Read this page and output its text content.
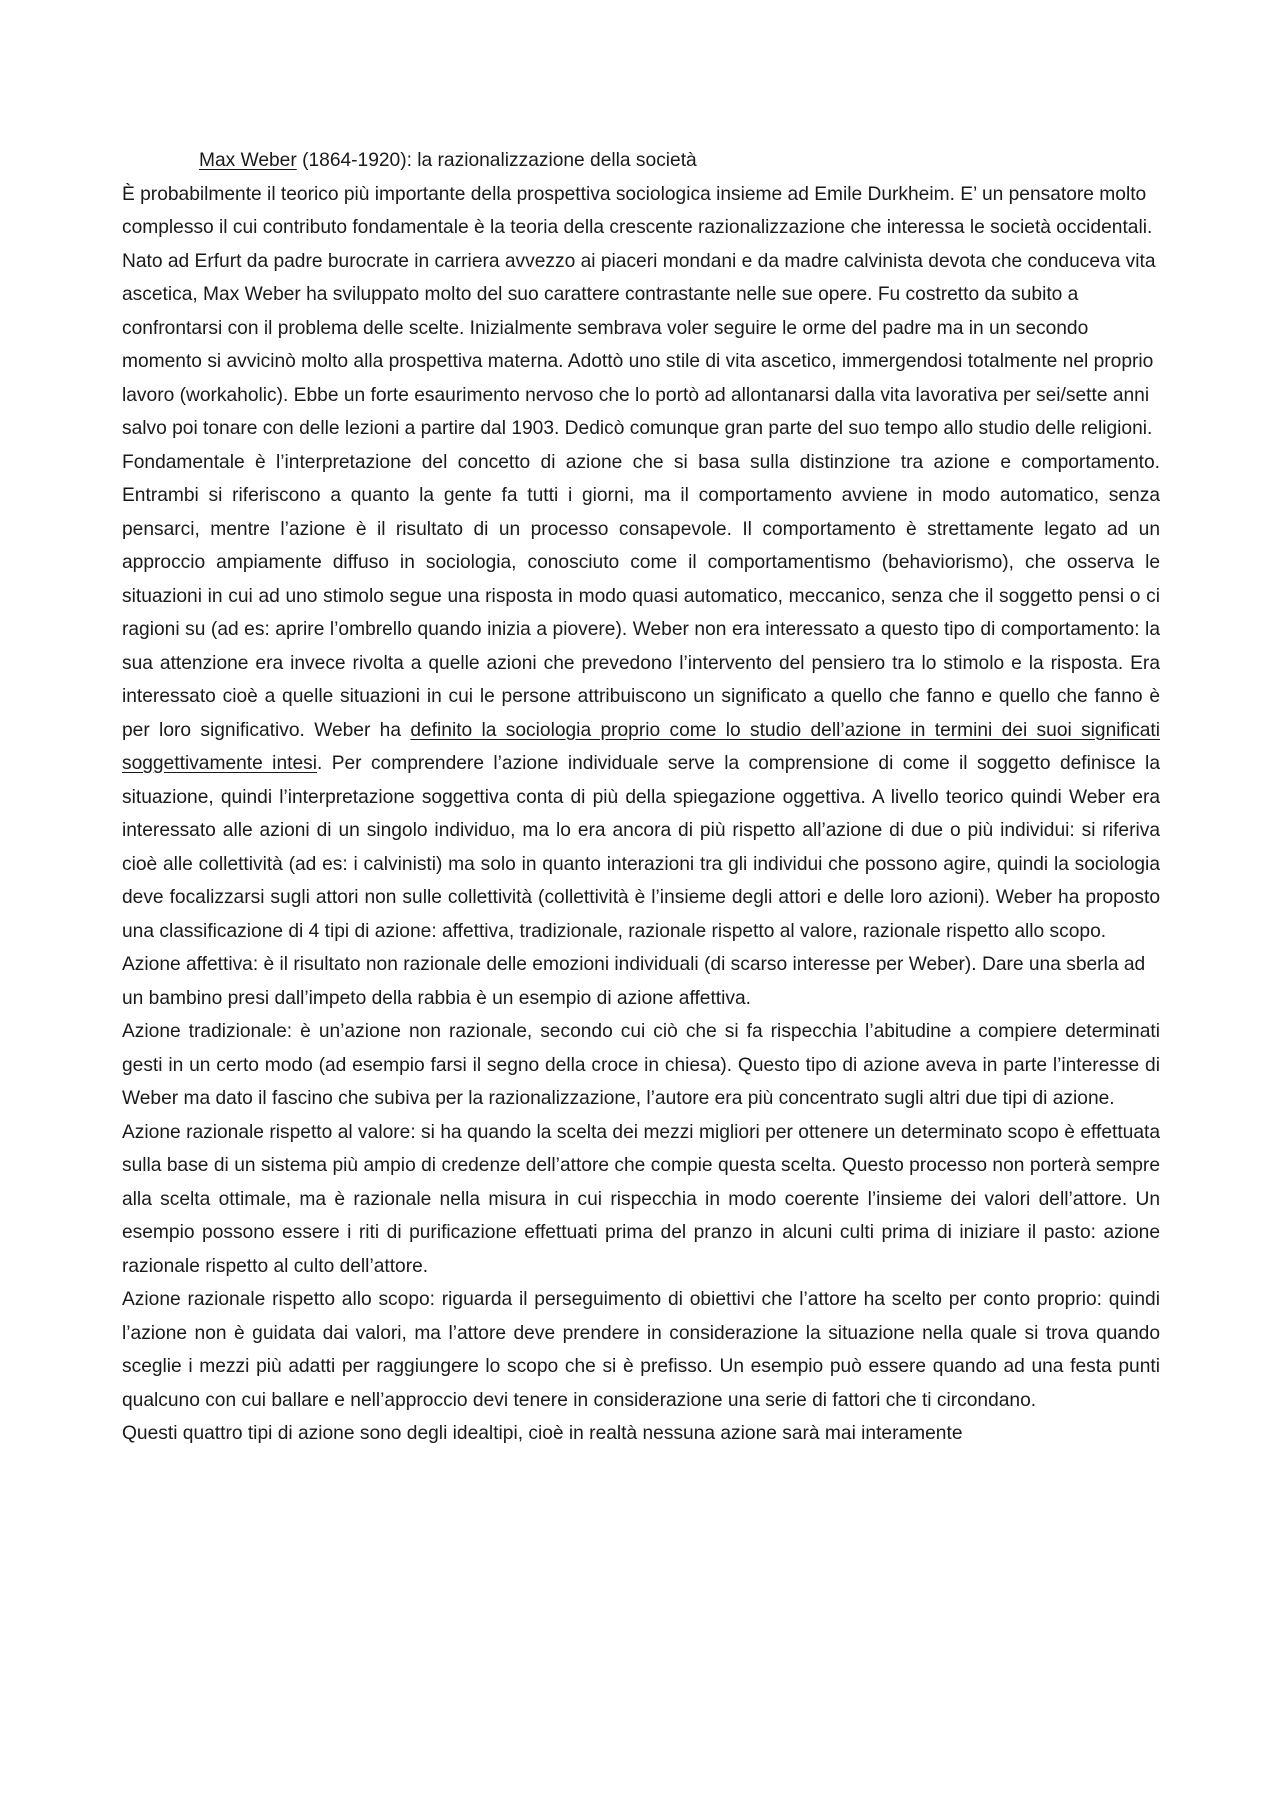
Max Weber (1864-1920): la razionalizzazione della società

È probabilmente il teorico più importante della prospettiva sociologica insieme ad Emile Durkheim. E’ un pensatore molto complesso il cui contributo fondamentale è la teoria della crescente razionalizzazione che interessa le società occidentali.

Nato ad Erfurt da padre burocrate in carriera avvezzo ai piaceri mondani e da madre calvinista devota che conduceva vita ascetica, Max Weber ha sviluppato molto del suo carattere contrastante nelle sue opere. Fu costretto da subito a confrontarsi con il problema delle scelte. Inizialmente sembrava voler seguire le orme del padre ma in un secondo momento si avvicinò molto alla prospettiva materna. Adottò uno stile di vita ascetico, immergendosi totalmente nel proprio lavoro (workaholic). Ebbe un forte esaurimento nervoso che lo portò ad allontanarsi dalla vita lavorativa per sei/sette anni salvo poi tonare con delle lezioni a partire dal 1903. Dedicò comunque gran parte del suo tempo allo studio delle religioni.

Fondamentale è l’interpretazione del concetto di azione che si basa sulla distinzione tra azione e comportamento. Entrambi si riferiscono a quanto la gente fa tutti i giorni, ma il comportamento avviene in modo automatico, senza pensarci, mentre l’azione è il risultato di un processo consapevole. Il comportamento è strettamente legato ad un approccio ampiamente diffuso in sociologia, conosciuto come il comportamentismo (behaviorismo), che osserva le situazioni in cui ad uno stimolo segue una risposta in modo quasi automatico, meccanico, senza che il soggetto pensi o ci ragioni su (ad es: aprire l’ombrello quando inizia a piovere). Weber non era interessato a questo tipo di comportamento: la sua attenzione era invece rivolta a quelle azioni che prevedono l’intervento del pensiero tra lo stimolo e la risposta. Era interessato cioè a quelle situazioni in cui le persone attribuiscono un significato a quello che fanno e quello che fanno è per loro significativo. Weber ha definito la sociologia proprio come lo studio dell’azione in termini dei suoi significati soggettivamente intesi. Per comprendere l’azione individuale serve la comprensione di come il soggetto definisce la situazione, quindi l’interpretazione soggettiva conta di più della spiegazione oggettiva. A livello teorico quindi Weber era interessato alle azioni di un singolo individuo, ma lo era ancora di più rispetto all’azione di due o più individui: si riferiva cioè alle collettività (ad es: i calvinisti) ma solo in quanto interazioni tra gli individui che possono agire, quindi la sociologia deve focalizzarsi sugli attori non sulle collettività (collettività è l’insieme degli attori e delle loro azioni). Weber ha proposto una classificazione di 4 tipi di azione: affettiva, tradizionale, razionale rispetto al valore, razionale rispetto allo scopo.

Azione affettiva: è il risultato non razionale delle emozioni individuali (di scarso interesse per Weber). Dare una sberla ad un bambino presi dall’impeto della rabbia è un esempio di azione affettiva.

Azione tradizionale: è un’azione non razionale, secondo cui ciò che si fa rispecchia l’abitudine a compiere determinati gesti in un certo modo (ad esempio farsi il segno della croce in chiesa). Questo tipo di azione aveva in parte l’interesse di Weber ma dato il fascino che subiva per la razionalizzazione, l’autore era più concentrato sugli altri due tipi di azione.

Azione razionale rispetto al valore: si ha quando la scelta dei mezzi migliori per ottenere un determinato scopo è effettuata sulla base di un sistema più ampio di credenze dell’attore che compie questa scelta. Questo processo non porterà sempre alla scelta ottimale, ma è razionale nella misura in cui rispecchia in modo coerente l’insieme dei valori dell’attore. Un esempio possono essere i riti di purificazione effettuati prima del pranzo in alcuni culti prima di iniziare il pasto: azione razionale rispetto al culto dell’attore.

Azione razionale rispetto allo scopo: riguarda il perseguimento di obiettivi che l’attore ha scelto per conto proprio: quindi l’azione non è guidata dai valori, ma l’attore deve prendere in considerazione la situazione nella quale si trova quando sceglie i mezzi più adatti per raggiungere lo scopo che si è prefisso. Un esempio può essere quando ad una festa punti qualcuno con cui ballare e nell’approccio devi tenere in considerazione una serie di fattori che ti circondano.

Questi quattro tipi di azione sono degli idealtipi, cioè in realtà nessuna azione sarà mai interamente
